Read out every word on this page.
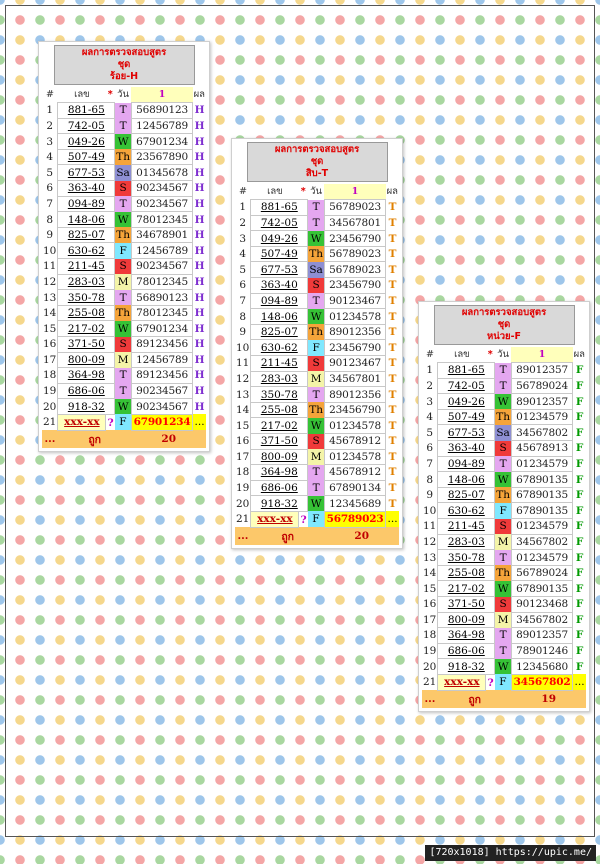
ผลการตรวจสอบสูตร
ชุด
ร้อย-H
#	เลข	*	วัน	1	ผล
1	881-65		T	56890123	H
2	742-05		T	12456789	H
3	049-26		W	67901234	H
4	507-49		Th	23567890	H
5	677-53		Sa	01345678	H
6	363-40		S	90234567	H
7	094-89		T	90234567	H
8	148-06		W	78012345	H
9	825-07		Th	34678901	H
10	630-62		F	12456789	H
11	211-45		S	90234567	H
12	283-03		M	78012345	H
13	350-78		T	56890123	H
14	255-08		Th	78012345	H
15	217-02		W	67901234	H
16	371-50		S	89123456	H
17	800-09		M	12456789	H
18	364-98		T	89123456	H
19	686-06		T	90234567	H
20	918-32		W	90234567	H
21	xxx-xx	?	F	67901234	...
...	ถูก			20	
ผลการตรวจสอบสูตร
ชุด
สิบ-T
#	เลข	*	วัน	1	ผล
1	881-65		T	56789023	T
2	742-05		T	34567801	T
3	049-26		W	23456790	T
4	507-49		Th	56789023	T
5	677-53		Sa	56789023	T
6	363-40		S	23456790	T
7	094-89		T	90123467	T
8	148-06		W	01234578	T
9	825-07		Th	89012356	T
10	630-62		F	23456790	T
11	211-45		S	90123467	T
12	283-03		M	34567801	T
13	350-78		T	89012356	T
14	255-08		Th	23456790	T
15	217-02		W	01234578	T
16	371-50		S	45678912	T
17	800-09		M	01234578	T
18	364-98		T	45678912	T
19	686-06		T	67890134	T
20	918-32		W	12345689	T
21	xxx-xx	?	F	56789023	...
...	ถูก			20	
ผลการตรวจสอบสูตร
ชุด
หน่วย-F
#	เลข	*	วัน	1	ผล
1	881-65		T	89012357	F
2	742-05		T	56789024	F
3	049-26		W	89012357	F
4	507-49		Th	01234579	F
5	677-53		Sa	34567802	F
6	363-40		S	45678913	F
7	094-89		T	01234579	F
8	148-06		W	67890135	F
9	825-07		Th	67890135	F
10	630-62		F	67890135	F
11	211-45		S	01234579	F
12	283-03		M	34567802	F
13	350-78		T	01234579	F
14	255-08		Th	56789024	F
15	217-02		W	67890135	F
16	371-50		S	90123468	F
17	800-09		M	34567802	F
18	364-98		T	89012357	F
19	686-06		T	78901246	F
20	918-32		W	12345680	F
21	xxx-xx	?	F	34567802	...
...	ถูก			19	
[720x1018] https://upic.me/
